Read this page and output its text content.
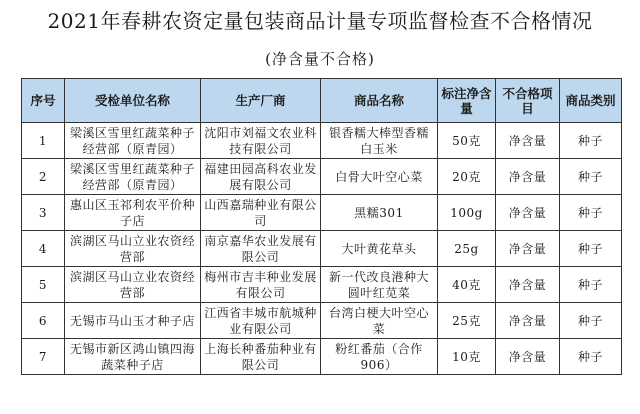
2021年春耕农资定量包装商品计量专项监督检查不合格情况
(净含量不合格)
序号	受检单位名称	生产厂商	商品名称	标注净含量	不合格项目	商品类别
1	梁溪区雪里红蔬菜种子经营部（原青园）	沈阳市刘福文农业科技有限公司	银香糯大棒型香糯白玉米	50克	净含量	种子
2	梁溪区雪里红蔬菜种子经营部（原青园）	福建田园高科农业发展有限公司	白骨大叶空心菜	20克	净含量	种子
3	惠山区玉祁利农平价种子店	山西嘉瑞种业有限公司	黑糯301	100g	净含量	种子
4	滨湖区马山立业农资经营部	南京嘉华农业发展有限公司	大叶黄花草头	25g	净含量	种子
5	滨湖区马山立业农资经营部	梅州市吉丰种业发展有限公司	新一代改良港种大圆叶红苋菜	40克	净含量	种子
6	无锡市马山玉才种子店	江西省丰城市航城种业有限公司	台湾白梗大叶空心菜	25克	净含量	种子
7	无锡市新区鸿山镇四海蔬菜种子店	上海长种番茄种业有限公司	粉红番茄（合作906）	10克	净含量	种子
